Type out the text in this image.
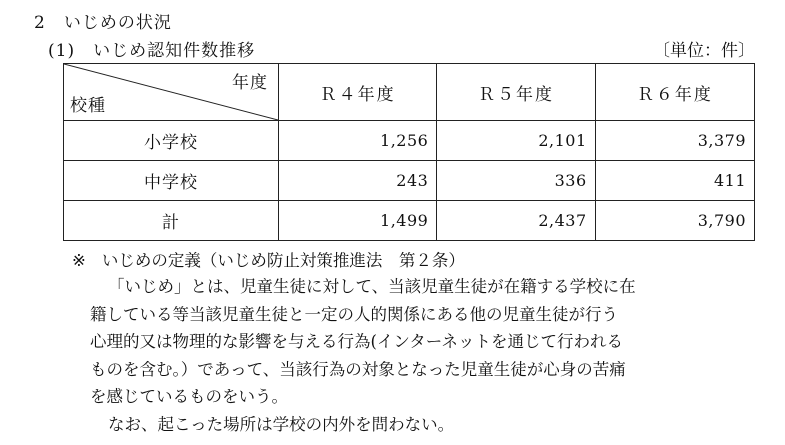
2 いじめの状況
(1) いじめ認知件数推移	〔単位：件〕
年度
校種	Ｒ４年度	Ｒ５年度	Ｒ６年度
小学校	1,256	2,101	3,379
中学校	243	336	411
計	1,499	2,437	3,790
※ いじめの定義（いじめ防止対策推進法　第２条）
「いじめ」とは、児童生徒に対して、当該児童生徒が在籍する学校に在
籍している等当該児童生徒と一定の人的関係にある他の児童生徒が行う
心理的又は物理的な影響を与える行為(インターネットを通じて行われる
ものを含む。）であって、当該行為の対象となった児童生徒が心身の苦痛
を感じているものをいう。
なお、起こった場所は学校の内外を問わない。
